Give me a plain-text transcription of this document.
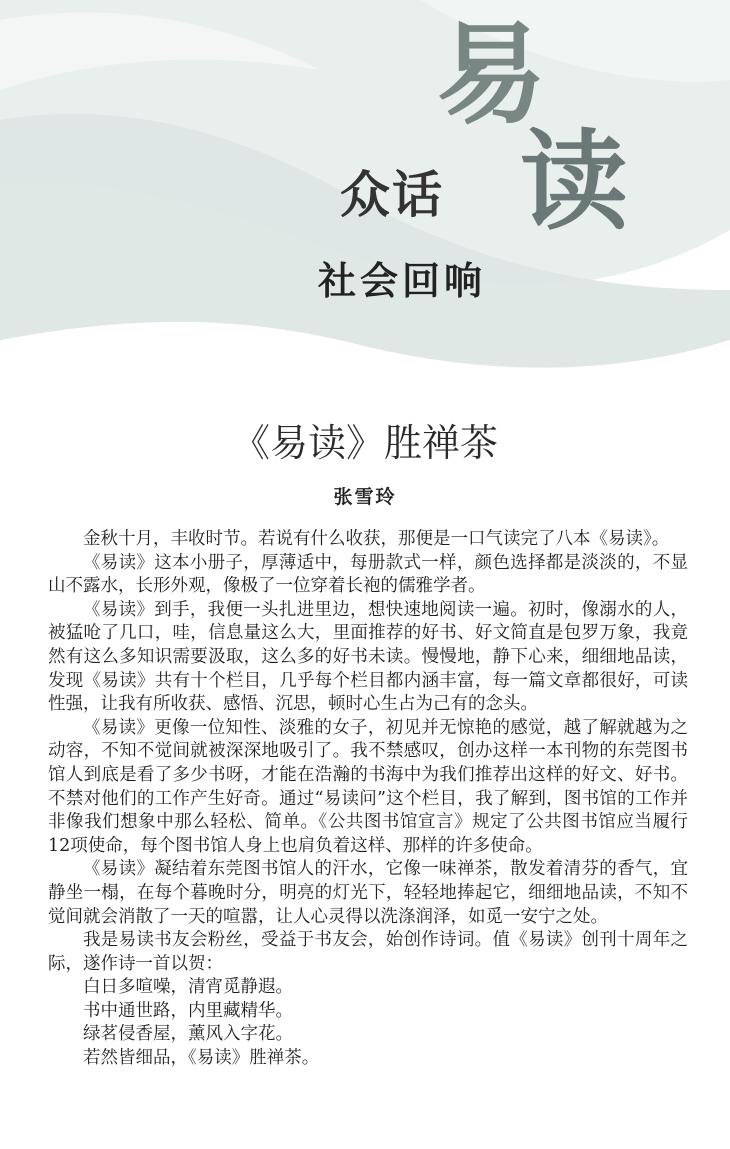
易
读
众话
社会回响
《易读》胜禅茶
张雪玲

金秋十月，丰收时节。若说有什么收获，那便是一口气读完了八本《易读》。

《易读》这本小册子，厚薄适中，每册款式一样，颜色选择都是淡淡的，不显山不露水，长形外观，像极了一位穿着长袍的儒雅学者。

《易读》到手，我便一头扎进里边，想快速地阅读一遍。初时，像溺水的人，被猛呛了几口，哇，信息量这么大，里面推荐的好书、好文简直是包罗万象，我竟然有这么多知识需要汲取，这么多的好书未读。慢慢地，静下心来，细细地品读，发现《易读》共有十个栏目，几乎每个栏目都内涵丰富，每一篇文章都很好，可读性强，让我有所收获、感悟、沉思，顿时心生占为己有的念头。

《易读》更像一位知性、淡雅的女子，初见并无惊艳的感觉，越了解就越为之动容，不知不觉间就被深深地吸引了。我不禁感叹，创办这样一本刊物的东莞图书馆人到底是看了多少书呀，才能在浩瀚的书海中为我们推荐出这样的好文、好书。不禁对他们的工作产生好奇。通过“易读问”这个栏目，我了解到，图书馆的工作并非像我们想象中那么轻松、简单。《公共图书馆宣言》规定了公共图书馆应当履行12项使命，每个图书馆人身上也肩负着这样、那样的许多使命。

《易读》凝结着东莞图书馆人的汗水，它像一味禅茶，散发着清芬的香气，宜静坐一榻，在每个暮晚时分，明亮的灯光下，轻轻地捧起它，细细地品读，不知不觉间就会消散了一天的喧嚣，让人心灵得以洗涤润泽，如觅一安宁之处。

我是易读书友会粉丝，受益于书友会，始创作诗词。值《易读》创刊十周年之际，遂作诗一首以贺：

白日多喧噪，清宵觅静遐。
书中通世路，内里藏精华。
绿茗侵香屋，薰风入字花。
若然皆细品，《易读》胜禅茶。
